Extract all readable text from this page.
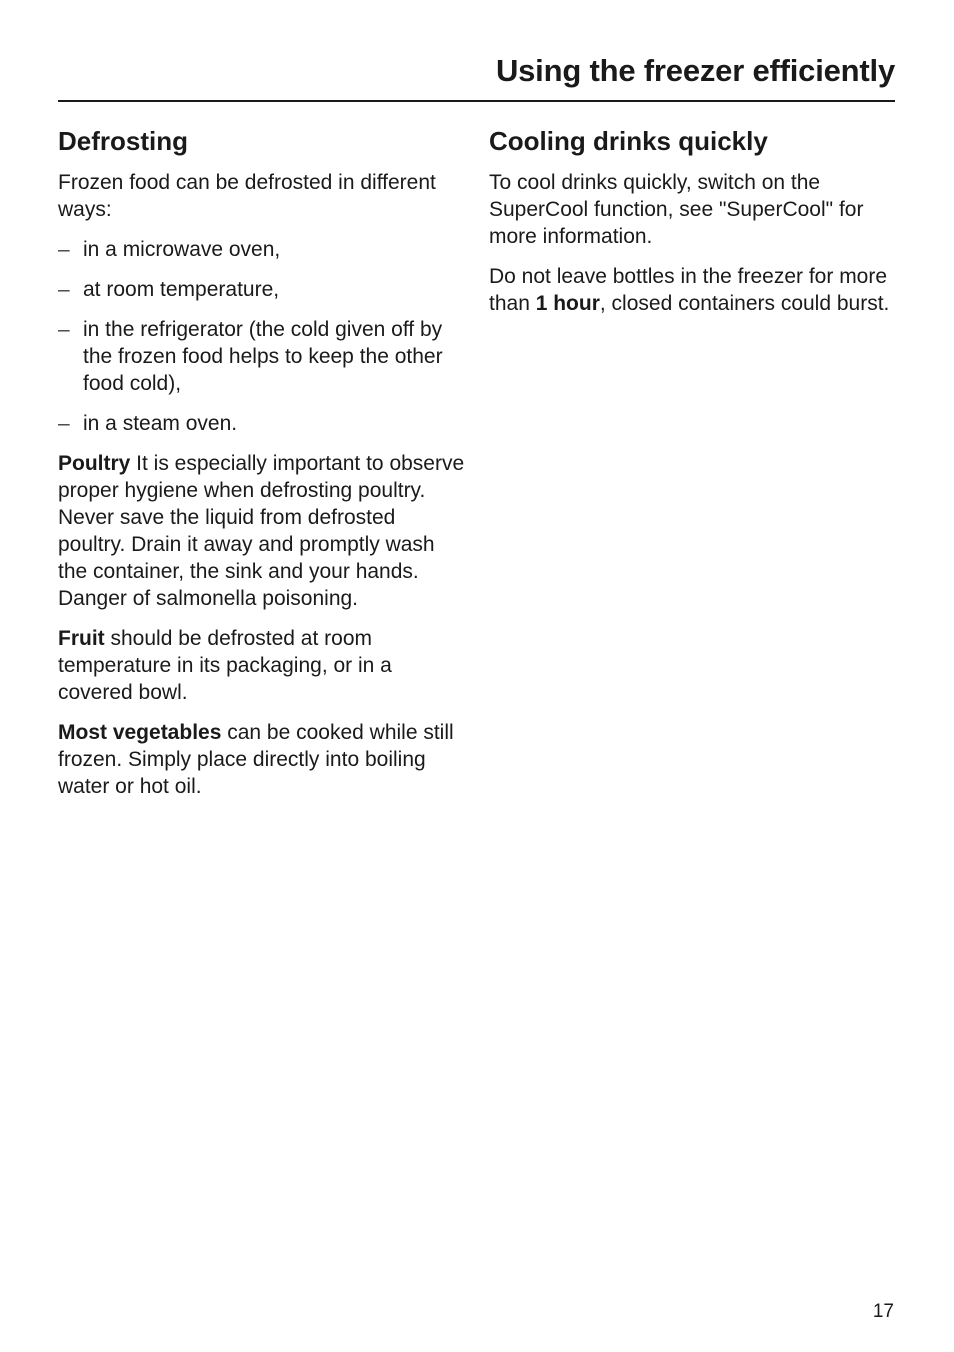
Using the freezer efficiently
Defrosting

Frozen food can be defrosted in different ways:

– in a microwave oven,
– at room temperature,
– in the refrigerator (the cold given off by the frozen food helps to keep the other food cold),
– in a steam oven.

Poultry It is especially important to observe proper hygiene when defrosting poultry. Never save the liquid from defrosted poultry. Drain it away and promptly wash the container, the sink and your hands. Danger of salmonella poisoning.

Fruit should be defrosted at room temperature in its packaging, or in a covered bowl.

Most vegetables can be cooked while still frozen. Simply place directly into boiling water or hot oil.

Cooling drinks quickly

To cool drinks quickly, switch on the SuperCool function, see "SuperCool" for more information.

Do not leave bottles in the freezer for more than 1 hour, closed containers could burst.

17
